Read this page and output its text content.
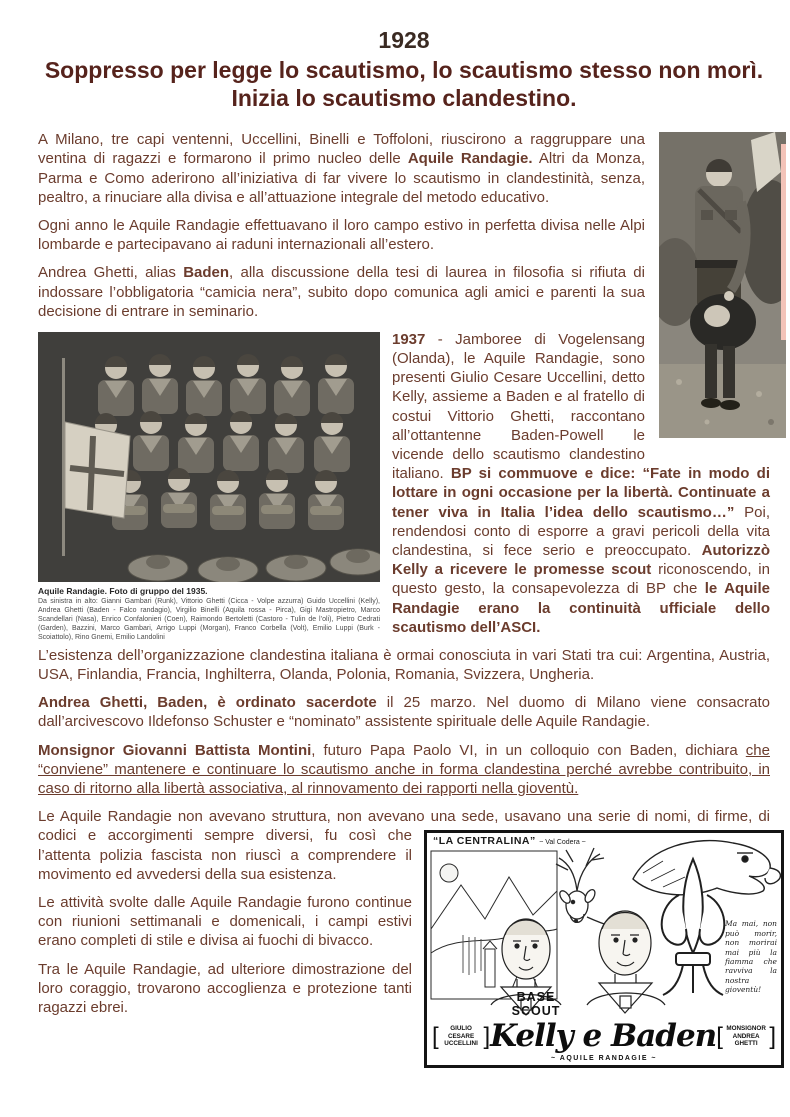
1928
Soppresso per legge lo scautismo, lo scautismo stesso non morì.
Inizia lo scautismo clandestino.

A Milano, tre capi ventenni, Uccellini, Binelli e Toffoloni, riuscirono a raggruppare una ventina di ragazzi e formarono il primo nucleo delle Aquile Randagie. Altri da Monza, Parma e Como aderirono all’iniziativa di far vivere lo scautismo in clandestinità, senza, pealtro, a rinuciare alla divisa e all’attuazione integrale del metodo educativo.

Ogni anno le Aquile Randagie effettuavano il loro campo estivo in perfetta divisa nelle Alpi lombarde e partecipavano ai raduni internazionali all’estero.

Andrea Ghetti, alias Baden, alla discussione della tesi di laurea in filosofia si rifiuta di indossare l’obbligatoria “camicia nera”, subito dopo comunica agli amici e parenti la sua decisione di entrare in seminario.

Aquile Randagie. Foto di gruppo del 1935.
Da sinistra in alto: Gianni Gambari (Runk), Vittorio Ghetti (Cicca - Volpe azzurra) Guido Uccellini (Kelly), Andrea Ghetti (Baden - Falco randagio), Virgilio Binelli (Aquila rossa - Pirca), Gigi Mastropietro, Marco Scandellari (Nasa), Enrico Confalonieri (Coen), Raimondo Bertoletti (Castoro - Tulin de l’oli), Pietro Cedrati (Garden), Bazzini, Marco Gambari, Arrigo Luppi (Morgan), Franco Corbella (Volt), Emilio Luppi (Burk - Scoiattolo), Rino Gnemi, Emilio Landolini

1937 - Jamboree di Vogelensang (Olanda), le Aquile Randagie, sono presenti Giulio Cesare Uccellini, detto Kelly, assieme a Baden e al fratello di costui Vittorio Ghetti, raccontano all’ottantenne Baden-Powell le vicende dello scautismo clandestino italiano. BP si commuove e dice: “Fate in modo di lottare in ogni occasione per la libertà. Continuate a tener viva in Italia l’idea dello scautismo…” Poi, rendendosi conto di esporre a gravi pericoli della vita clandestina, si fece serio e preoccupato. Autorizzò Kelly a ricevere le promesse scout riconoscendo, in questo gesto, la consapevolezza di BP che le Aquile Randagie erano la continuità ufficiale dello scautismo dell’ASCI.

L’esistenza dell’organizzazione clandestina italiana è ormai conosciuta in vari Stati tra cui: Argentina, Austria, USA, Finlandia, Francia, Inghilterra, Olanda, Polonia, Romania, Svizzera, Ungheria.

Andrea Ghetti, Baden, è ordinato sacerdote il 25 marzo. Nel duomo di Milano viene consacrato dall’arcivescovo Ildefonso Schuster e “nominato” assistente spirituale delle Aquile Randagie.

Monsignor Giovanni Battista Montini, futuro Papa Paolo VI, in un colloquio con Baden, dichiara che “conviene” mantenere e continuare lo scautismo anche in forma clandestina perché avrebbe contribuito, in caso di ritorno alla libertà associativa, al rinnovamento dei rapporti nella gioventù.

Le Aquile Randagie non avevano struttura, non avevano una sede, usavano una serie di nomi, di
“LA CENTRALINA” ~ Val Codera ~
Ma mai, non può morir, non morirai mai più la fiamma che ravviva la nostra gioventù!
BASE SCOUT
[	GIULIO CESARE
UCCELLINI ] Kelly e Baden [ MONSIGNOR
ANDREA GHETTI ]
~ AQUILE RANDAGIE ~
firme, di codici e accorgimenti sempre diversi, fu così che l’attenta polizia fascista non riuscì a comprendere il movimento ed avvedersi della sua esistenza.

Le attività svolte dalle Aquile Randagie furono continue con riunioni settimanali e domenicali, i campi estivi erano completi di stile e divisa ai fuochi di bivacco.

Tra le Aquile Randagie, ad ulteriore dimostrazione del loro coraggio, trovarono accoglienza e protezione tanti ragazzi ebrei.
